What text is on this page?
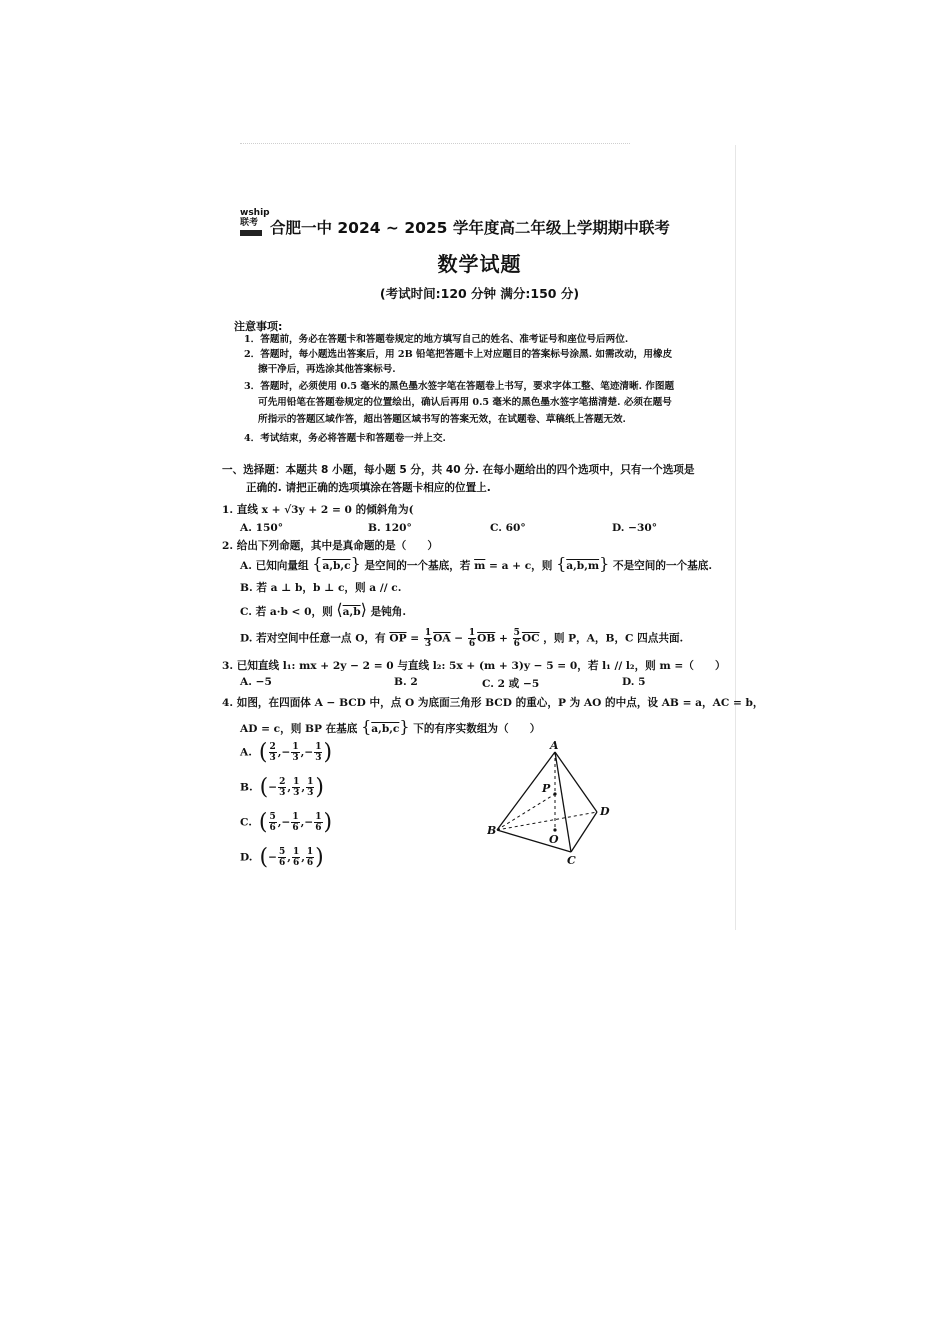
wship
联考 合肥一中 2024 ~ 2025 学年度高二年级上学期期中联考
数学试题
(考试时间:120 分钟 满分:150 分)
注意事项:
1．答题前，务必在答题卡和答题卷规定的地方填写自己的姓名、准考证号和座位号后两位.
2．答题时，每小题选出答案后，用 2B 铅笔把答题卡上对应题目的答案标号涂黑. 如需改动，用橡皮
擦干净后，再选涂其他答案标号.
3．答题时，必须使用 0.5 毫米的黑色墨水签字笔在答题卷上书写，要求字体工整、笔迹清晰. 作图题
可先用铅笔在答题卷规定的位置绘出，确认后再用 0.5 毫米的黑色墨水签字笔描清楚. 必须在题号
所指示的答题区域作答，超出答题区域书写的答案无效，在试题卷、草稿纸上答题无效.
4．考试结束，务必将答题卡和答题卷一并上交.
一、选择题：本题共 8 小题，每小题 5 分，共 40 分. 在每小题给出的四个选项中，只有一个选项是
正确的. 请把正确的选项填涂在答题卡相应的位置上.
1. 直线 x + √3y + 2 = 0 的倾斜角为(
A. 150°	B. 120°	C. 60°	D. −30°
2. 给出下列命题，其中是真命题的是（　　）
A. 已知向量组 {a,b,c} 是空间的一个基底，若 $\overline{m} = a + c$，则 {a,b,m} 不是空间的一个基底.
B. 若 a ⊥ b，b ⊥ c，则 a // c.
C. 若 a·b < 0，则 ⟨a,b⟩ 是钝角.
D. 若对空间中任意一点 O，有 $\overline{OP} = \frac{1}{3} \overline{OA} - \frac{1}{6} \overline{OB} + \frac{5}{6} \overline{OC}$ ，则 P，A，B，C 四点共面.
3. 已知直线 l₁: mx + 2y − 2 = 0 与直线 l₂: 5x + (m + 3)y − 5 = 0，若 l₁ // l₂，则 m =（　　）
A. −5	B. 2	C. 2 或 −5	D. 5
4. 如图，在四面体 A − BCD 中，点 O 为底面三角形 BCD 的重心，P 为 AO 的中点，设 AB = a，AC = b，
AD = c，则 BP 在基底 {a,b,c} 下的有序实数组为（　　）
A. ( $\frac{2}{3}$ ,− $\frac{1}{3}$ ,− $\frac{1}{3}$ )
B. (− $\frac{2}{3}$ , $\frac{1}{3}$ , $\frac{1}{3}$ )
C. ( $\frac{5}{6}$ ,− $\frac{1}{6}$ ,− $\frac{1}{6}$ )
D. (− $\frac{5}{6}$ , $\frac{1}{6}$ , $\frac{1}{6}$ )
A
B
C
D
P
O
